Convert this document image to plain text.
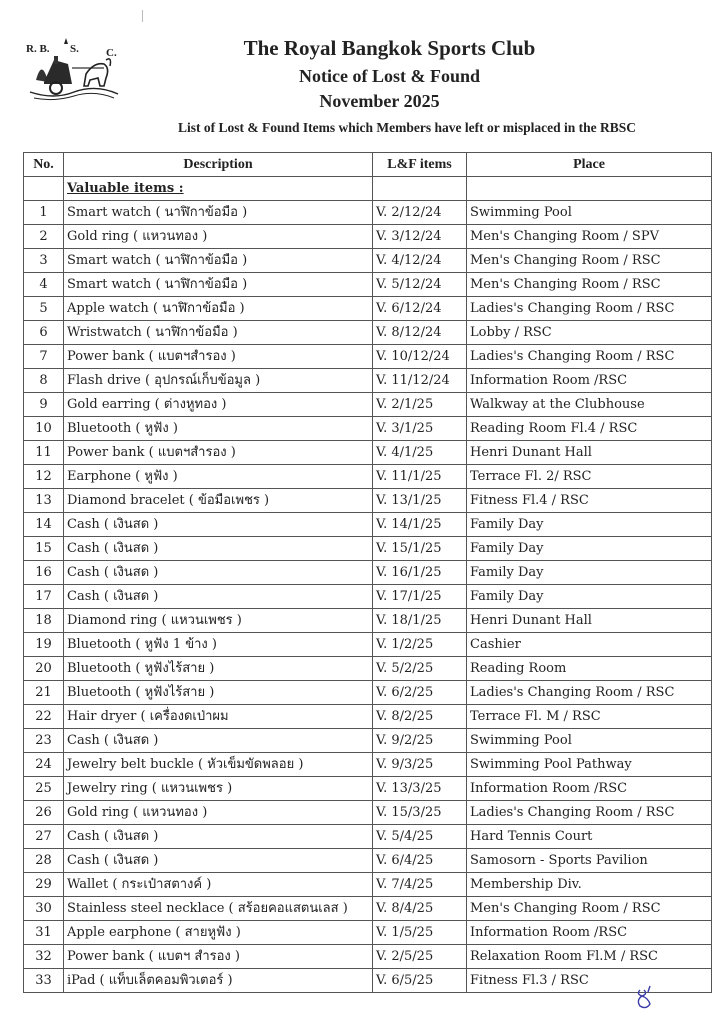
R. B. S. C.	The Royal Bangkok Sports Club
Notice of Lost & Found
November 2025
List of Lost & Found Items which Members have left or misplaced in the RBSC
No.	Description	L&F items	Place
	Valuable items :		
1	Smart watch ( นาฬิกาข้อมือ )	V. 2/12/24	Swimming Pool
2	Gold ring ( แหวนทอง )	V. 3/12/24	Men's Changing Room / SPV
3	Smart watch ( นาฬิกาข้อมือ )	V. 4/12/24	Men's Changing Room / RSC
4	Smart watch ( นาฬิกาข้อมือ )	V. 5/12/24	Men's Changing Room / RSC
5	Apple watch ( นาฬิกาข้อมือ )	V. 6/12/24	Ladies's Changing Room / RSC
6	Wristwatch ( นาฬิกาข้อมือ )	V. 8/12/24	Lobby / RSC
7	Power bank ( แบตฯสำรอง )	V. 10/12/24	Ladies's Changing Room / RSC
8	Flash drive ( อุปกรณ์เก็บข้อมูล )	V. 11/12/24	Information Room /RSC
9	Gold earring ( ต่างหูทอง )	V. 2/1/25	Walkway at the Clubhouse
10	Bluetooth ( หูฟัง )	V. 3/1/25	Reading Room Fl.4 / RSC
11	Power bank ( แบตฯสำรอง )	V. 4/1/25	Henri Dunant Hall
12	Earphone ( หูฟัง )	V. 11/1/25	Terrace Fl. 2/ RSC
13	Diamond bracelet ( ข้อมือเพชร )	V. 13/1/25	Fitness Fl.4 / RSC
14	Cash ( เงินสด )	V. 14/1/25	Family Day
15	Cash ( เงินสด )	V. 15/1/25	Family Day
16	Cash ( เงินสด )	V. 16/1/25	Family Day
17	Cash ( เงินสด )	V. 17/1/25	Family Day
18	Diamond ring ( แหวนเพชร )	V. 18/1/25	Henri Dunant Hall
19	Bluetooth ( หูฟัง 1 ข้าง )	V. 1/2/25	Cashier
20	Bluetooth ( หูฟังไร้สาย )	V. 5/2/25	Reading Room
21	Bluetooth ( หูฟังไร้สาย )	V. 6/2/25	Ladies's Changing Room / RSC
22	Hair dryer ( เครื่องดเป่าผม	V. 8/2/25	Terrace Fl. M / RSC
23	Cash ( เงินสด )	V. 9/2/25	Swimming Pool
24	Jewelry belt buckle ( หัวเข็มขัดพลอย )	V. 9/3/25	Swimming Pool Pathway
25	Jewelry ring ( แหวนเพชร )	V. 13/3/25	Information Room /RSC
26	Gold ring ( แหวนทอง )	V. 15/3/25	Ladies's Changing Room / RSC
27	Cash ( เงินสด )	V. 5/4/25	Hard Tennis Court
28	Cash ( เงินสด )	V. 6/4/25	Samosorn - Sports Pavilion
29	Wallet ( กระเป๋าสตางค์ )	V. 7/4/25	Membership Div.
30	Stainless steel necklace ( สร้อยคอแสตนเลส )	V. 8/4/25	Men's Changing Room / RSC
31	Apple earphone ( สายหูฟัง )	V. 1/5/25	Information Room /RSC
32	Power bank ( แบตฯ สำรอง )	V. 2/5/25	Relaxation Room Fl.M / RSC
33	iPad ( แท็บเล็ตคอมพิวเตอร์ )	V. 6/5/25	Fitness Fl.3 / RSC
